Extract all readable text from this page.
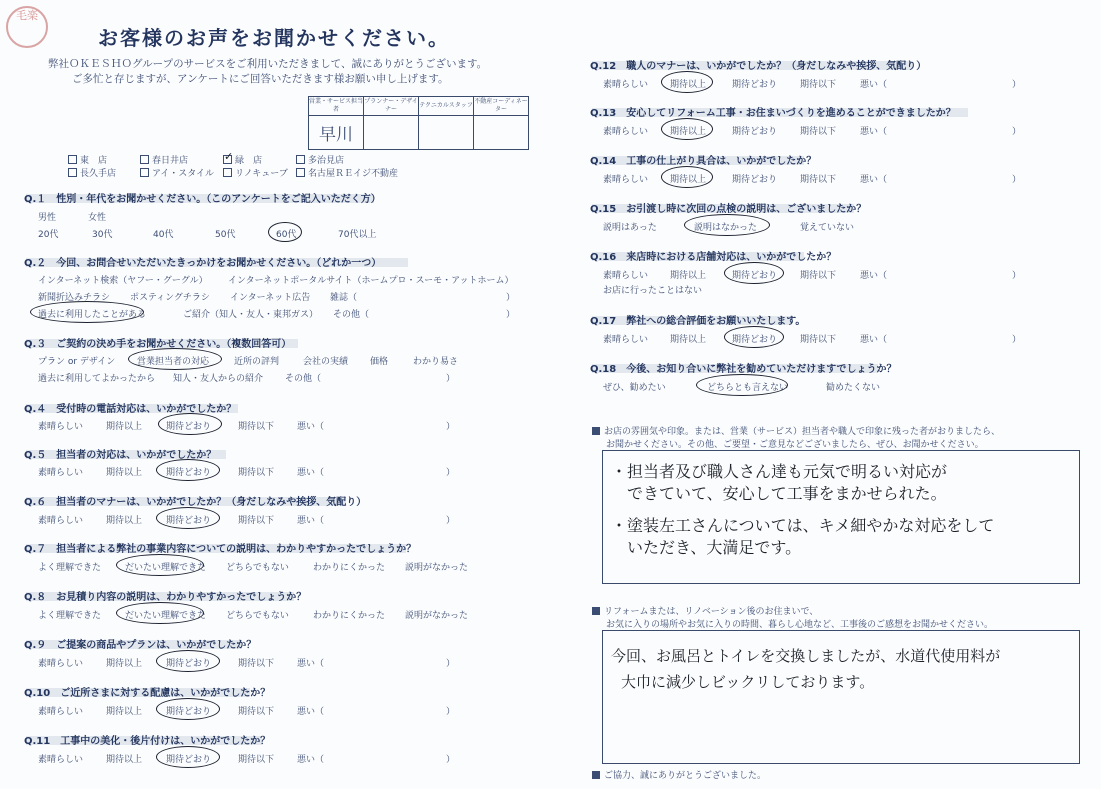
毛楽
お客様のお声をお聞かせください。
弊社ＯＫＥＳＨＯグループのサービスをご利用いただきまして、誠にありがとうございます。
ご多忙と存じますが、アンケートにご回答いただきます様お願い申し上げます。
営業・サービス担当者	プランナー・デザイナー	テクニカルスタッフ	不動産コーディネーター
早川			
東　店	春日井店	✓ 緑　店	多治見店
長久手店	アイ・スタイル	リノキューブ	名古屋ＲＥイジ不動産
Q.１　性別・年代をお聞かせください。（このアンケートをご記入いただく方）
男性	女性
20代	30代	40代	50代	60代	70代以上
Q.２　今回、お問合せいただいたきっかけをお聞かせください。（どれか一つ）
インターネット検索（ヤフー・グーグル） インターネットポータルサイト（ホームプロ・スーモ・アットホーム）
新聞折込みチラシ ポスティングチラシ インターネット広告 雑誌（	）
過去に利用したことがある	ご紹介（知人・友人・東邦ガス） その他（	）
Q.３　ご契約の決め手をお聞かせください。（複数回答可）
プラン or デザイン 営業担当者の対応	近所の評判	会社の実績 価格	わかり易さ
過去に利用してよかったから 知人・友人からの紹介 その他（	）
Q.４　受付時の電話対応は、いかがでしたか？
素晴らしい	期待以上	期待どおり	期待以下	悪い（	）
Q.５　担当者の対応は、いかがでしたか？
素晴らしい	期待以上	期待どおり	期待以下	悪い（	）
Q.６　担当者のマナーは、いかがでしたか？（身だしなみや挨拶、気配り）
素晴らしい	期待以上	期待どおり	期待以下	悪い（	）
Q.７　担当者による弊社の事業内容についての説明は、わかりやすかったでしょうか？
よく理解できた	だいたい理解できた どちらでもない	わかりにくかった 説明がなかった
Q.８　お見積り内容の説明は、わかりやすかったでしょうか？
よく理解できた	だいたい理解できた どちらでもない	わかりにくかった 説明がなかった
Q.９　ご提案の商品やプランは、いかがでしたか？
素晴らしい	期待以上	期待どおり	期待以下	悪い（	）
Q.10　ご近所さまに対する配慮は、いかがでしたか？
素晴らしい	期待以上	期待どおり	期待以下	悪い（	）
Q.11　工事中の美化・後片付けは、いかがでしたか？
素晴らしい	期待以上	期待どおり	期待以下	悪い（	）
Q.12　職人のマナーは、いかがでしたか？（身だしなみや挨拶、気配り）
素晴らしい 期待以上	期待どおり	期待以下	悪い（	）
Q.13　安心してリフォーム工事・お住まいづくりを進めることができましたか？
素晴らしい 期待以上	期待どおり	期待以下	悪い（	）
Q.14　工事の仕上がり具合は、いかがでしたか？
素晴らしい 期待以上	期待どおり	期待以下	悪い（	）
Q.15　お引渡し時に次回の点検の説明は、ございましたか？
説明はあった	説明はなかった	覚えていない
Q.16　来店時における店舗対応は、いかがでしたか？
素晴らしい 期待以上	期待どおり	期待以下	悪い（	）
お店に行ったことはない
Q.17　弊社への総合評価をお願いいたします。
素晴らしい 期待以上	期待どおり	期待以下	悪い（	）
Q.18　今後、お知り合いに弊社を勧めていただけますでしょうか？
ぜひ、勧めたい	どちらとも言えない	勧めたくない
お店の雰囲気や印象。または、営業（サービス）担当者や職人で印象に残った者がおりましたら、
お聞かせください。その他、ご要望・ご意見などございましたら、ぜひ、お聞かせください。
・担当者及び職人さん達も元気で明るい対応が
できていて、安心して工事をまかせられた。
・塗装左工さんについては、キメ細やかな対応をして
いただき、大満足です。
リフォームまたは、リノベーション後のお住まいで、
お気に入りの場所やお気に入りの時間、暮らし心地など、工事後のご感想をお聞かせください。
今回、お風呂とトイレを交換しましたが、水道代使用料が
大巾に減少しビックリしております。
ご協力、誠にありがとうございました。
